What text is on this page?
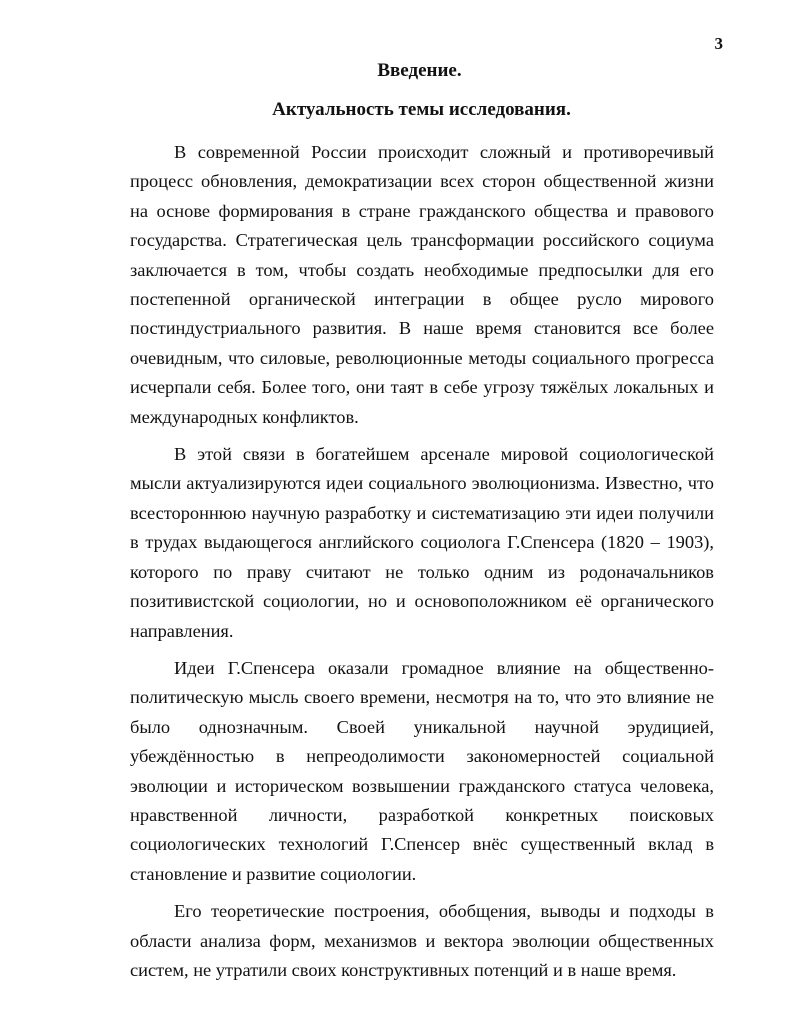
3
Введение.
Актуальность темы исследования.

В современной России происходит сложный и противоречивый процесс обновления, демократизации всех сторон общественной жизни на основе формирования в стране гражданского общества и правового государства. Стратегическая цель трансформации российского социума заключается в том, чтобы создать необходимые предпосылки для его постепенной органической интеграции в общее русло мирового постиндустриального развития. В наше время становится все более очевидным, что силовые, революционные методы социального прогресса исчерпали себя. Более того, они таят в себе угрозу тяжёлых локальных и международных конфликтов.

В этой связи в богатейшем арсенале мировой социологической мысли актуализируются идеи социального эволюционизма. Известно, что всестороннюю научную разработку и систематизацию эти идеи получили в трудах выдающегося английского социолога Г.Спенсера (1820 – 1903), которого по праву считают не только одним из родоначальников позитивистской социологии, но и основоположником её органического направления.

Идеи Г.Спенсера оказали громадное влияние на общественно-политическую мысль своего времени, несмотря на то, что это влияние не было однозначным. Своей уникальной научной эрудицией, убеждённостью в непреодолимости закономерностей социальной эволюции и историческом возвышении гражданского статуса человека, нравственной личности, разработкой конкретных поисковых социологических технологий Г.Спенсер внёс существенный вклад в становление и развитие социологии.

Его теоретические построения, обобщения, выводы и подходы в области анализа форм, механизмов и вектора эволюции общественных систем, не утратили своих конструктивных потенций и в наше время.
